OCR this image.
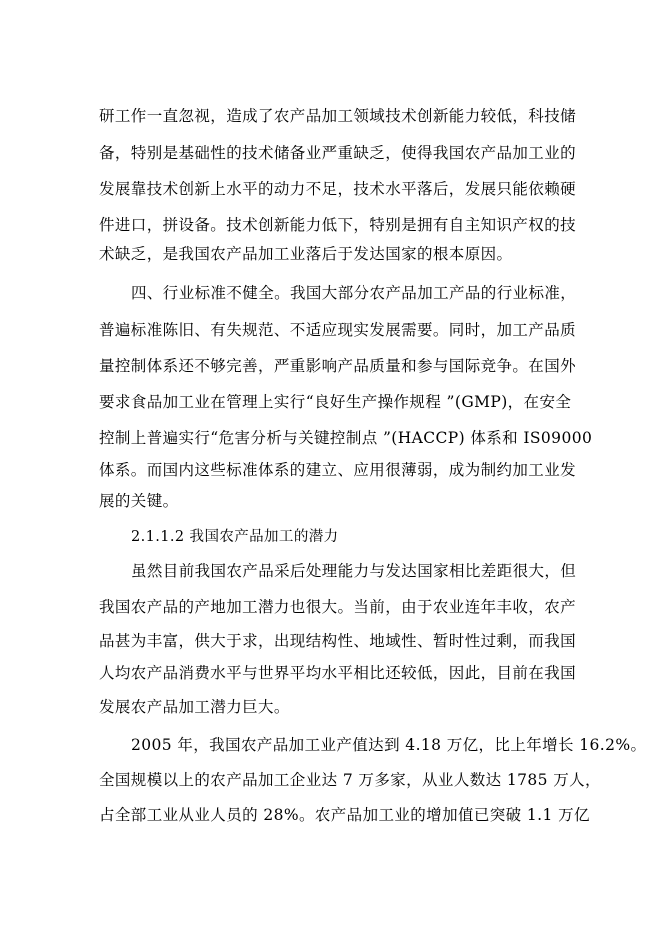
研工作一直忽视，造成了农产品加工领域技术创新能力较低，科技储
备，特别是基础性的技术储备业严重缺乏，使得我国农产品加工业的
发展靠技术创新上水平的动力不足，技术水平落后，发展只能依赖硬
件进口，拼设备。技术创新能力低下，特别是拥有自主知识产权的技
术缺乏，是我国农产品加工业落后于发达国家的根本原因。
四、行业标准不健全。我国大部分农产品加工产品的行业标准，
普遍标准陈旧、有失规范、不适应现实发展需要。同时，加工产品质
量控制体系还不够完善，严重影响产品质量和参与国际竞争。在国外
要求食品加工业在管理上实行“良好生产操作规程 ”(GMP)，在安全
控制上普遍实行“危害分析与关键控制点 ”(HACCP) 体系和 IS09000
体系。而国内这些标准体系的建立、应用很薄弱，成为制约加工业发
展的关键。
2.1.1.2 我国农产品加工的潜力
虽然目前我国农产品采后处理能力与发达国家相比差距很大，但
我国农产品的产地加工潜力也很大。当前，由于农业连年丰收，农产
品甚为丰富，供大于求，出现结构性、地域性、暂时性过剩，而我国
人均农产品消费水平与世界平均水平相比还较低，因此，目前在我国
发展农产品加工潜力巨大。
2005 年，我国农产品加工业产值达到 4.18 万亿，比上年增长 16.2%。
全国规模以上的农产品加工企业达 7 万多家，从业人数达 1785 万人，
占全部工业从业人员的 28%。农产品加工业的增加值已突破 1.1 万亿
